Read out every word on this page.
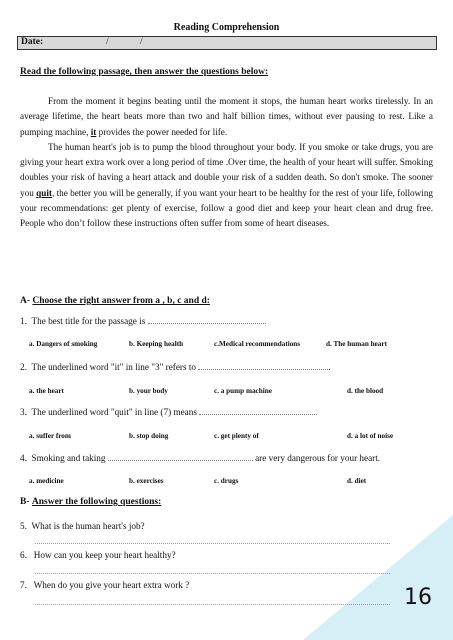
Reading Comprehension
Date:	/	/
Read the following passage, then answer the questions below:

From the moment it begins beating until the moment it stops, the human heart works tirelessly. In an average lifetime, the heart beats more than two and half billion times, without ever pausing to rest. Like a pumping machine, it provides the power needed for life.

The human heart's job is to pump the blood throughout your body. If you smoke or take drugs, you are giving your heart extra work over a long period of time .Over time, the health of your heart will suffer. Smoking doubles your risk of having a heart attack and double your risk of a sudden death. So don't smoke. The sooner you quit, the better you will be generally, if you want your heart to be healthy for the rest of your life, following your recommendations: get plenty of exercise, follow a good diet and keep your heart clean and drug free. People who don’t follow these instructions often suffer from some of heart diseases.

A- Choose the right answer from a , b, c and d:
1. The best title for the passage is
a. Dangers of smoking	b. Keeping health	c.Medical recommendations	d. The human heart
2. The underlined word "it" in line "3" refers to	.
a. the heart	b. your body	c. a pump machine	d. the blood
3. The underlined word "quit" in line (7) means
a. suffer from	b. stop doing	c. get plenty of	d. a lot of noise
4. Smoking and taking	are very dangerous for your heart.
a. medicine	b. exercises	c. drugs	d. diet
B- Answer the following questions:
5. What is the human heart's job?
6.   How can you keep your heart healthy?
7.   When do you give your heart extra work ?	16
